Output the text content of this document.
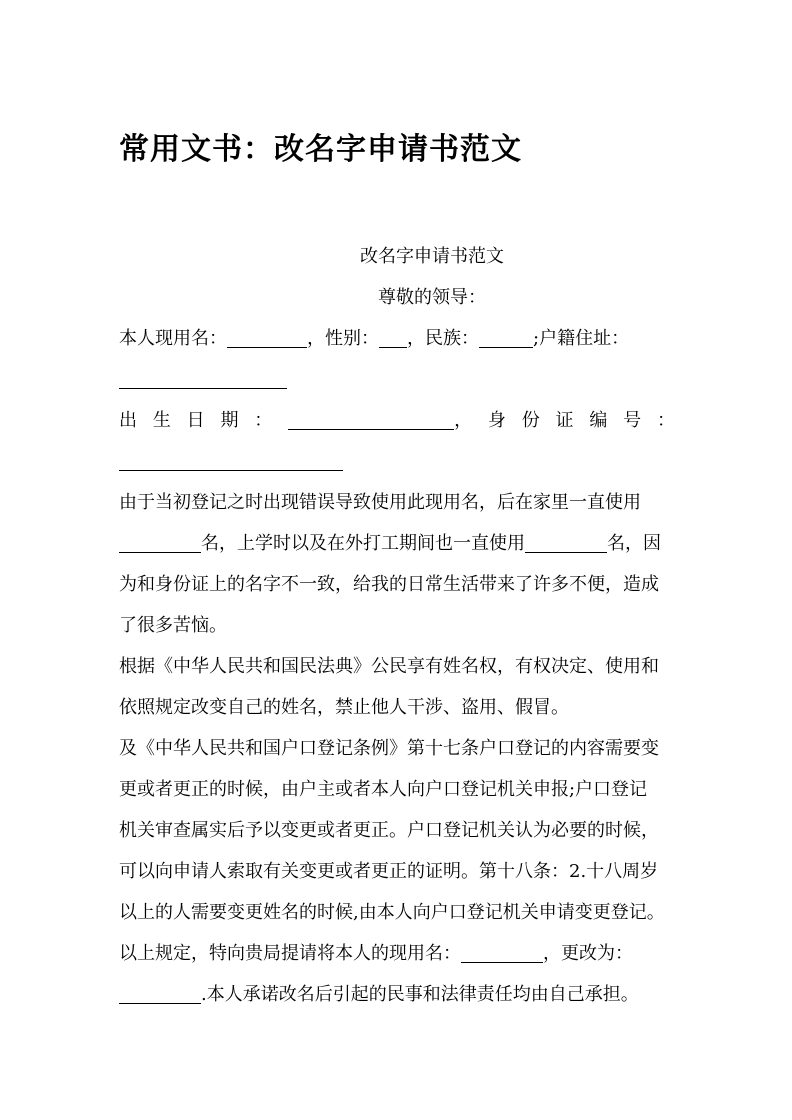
常用文书：改名字申请书范文
改名字申请书范文
尊敬的领导：
本人现用名：	，性别： ，民族：	;户籍住址：
出 生 日 期 ：	， 身 份 证 编 号 ：
由于当初登记之时出现错误导致使用此现用名，后在家里一直使用
名，上学时以及在外打工期间也一直使用	名，因
为和身份证上的名字不一致，给我的日常生活带来了许多不便，造成
了很多苦恼。
根据《中华人民共和国民法典》公民享有姓名权，有权决定、使用和
依照规定改变自己的姓名，禁止他人干涉、盗用、假冒。
及《中华人民共和国户口登记条例》第十七条户口登记的内容需要变
更或者更正的时候，由户主或者本人向户口登记机关申报;户口登记
机关审查属实后予以变更或者更正。户口登记机关认为必要的时候，
可以向申请人索取有关变更或者更正的证明。第十八条：2.十八周岁
以上的人需要变更姓名的时候,由本人向户口登记机关申请变更登记。
以上规定，特向贵局提请将本人的现用名：	，更改为：
.本人承诺改名后引起的民事和法律责任均由自己承担。
